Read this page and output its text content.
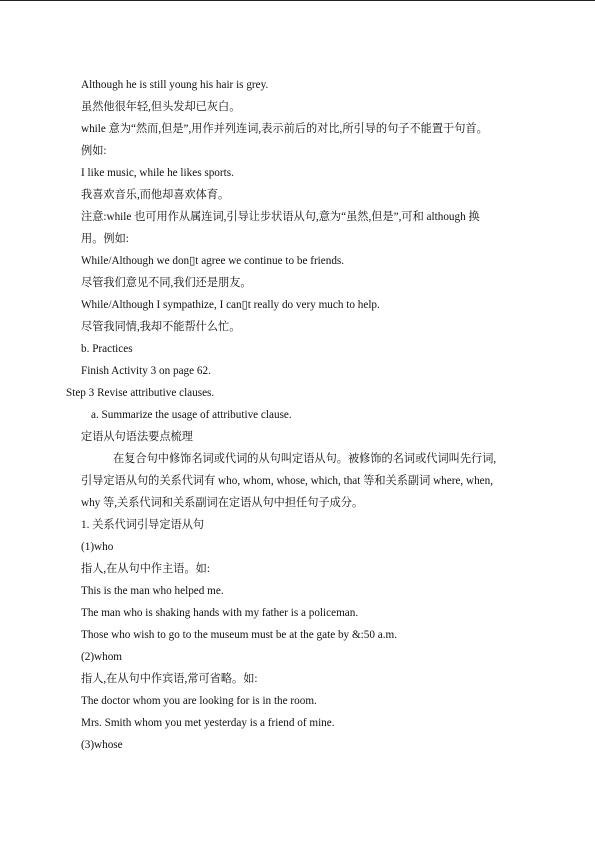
Although he is still young his hair is grey.
虽然他很年轻,但头发却已灰白。
while 意为“然而,但是”,用作并列连词,表示前后的对比,所引导的句子不能置于句首。
例如:
I like music, while he likes sports.
我喜欢音乐,而他却喜欢体育。
注意:while 也可用作从属连词,引导让步状语从句,意为“虽然,但是”,可和 although 换
用。例如:
While/Although we don▯t agree we continue to be friends.
尽管我们意见不同,我们还是朋友。
While/Although I sympathize, I can▯t really do very much to help.
尽管我同情,我却不能帮什么忙。
b. Practices
Finish Activity 3 on page 62.
Step 3 Revise attributive clauses.
a. Summarize the usage of attributive clause.
定语从句语法要点梳理
在复合句中修饰名词或代词的从句叫定语从句。被修饰的名词或代词叫先行词,
引导定语从句的关系代词有 who, whom, whose, which, that 等和关系副词 where, when,
why 等,关系代词和关系副词在定语从句中担任句子成分。
1. 关系代词引导定语从句
(1)who
指人,在从句中作主语。如:
This is the man who helped me.
The man who is shaking hands with my father is a policeman.
Those who wish to go to the museum must be at the gate by &:50 a.m.
(2)whom
指人,在从句中作宾语,常可省略。如:
The doctor whom you are looking for is in the room.
Mrs. Smith whom you met yesterday is a friend of mine.
(3)whose
